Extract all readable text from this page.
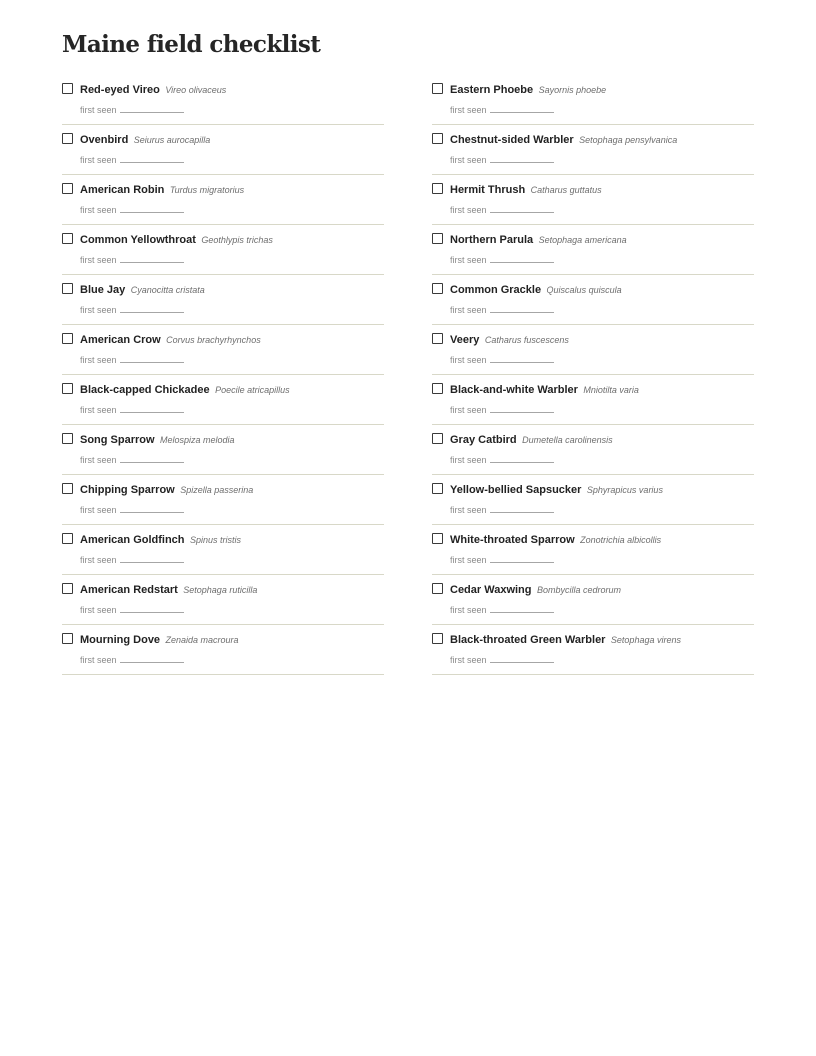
Maine field checklist
Red-eyed Vireo Vireo olivaceus
first seen
Ovenbird Seiurus aurocapilla
first seen
American Robin Turdus migratorius
first seen
Common Yellowthroat Geothlypis trichas
first seen
Blue Jay Cyanocitta cristata
first seen
American Crow Corvus brachyrhynchos
first seen
Black-capped Chickadee Poecile atricapillus
first seen
Song Sparrow Melospiza melodia
first seen
Chipping Sparrow Spizella passerina
first seen
American Goldfinch Spinus tristis
first seen
American Redstart Setophaga ruticilla
first seen
Mourning Dove Zenaida macroura
first seen
Eastern Phoebe Sayornis phoebe
first seen
Chestnut-sided Warbler Setophaga pensylvanica
first seen
Hermit Thrush Catharus guttatus
first seen
Northern Parula Setophaga americana
first seen
Common Grackle Quiscalus quiscula
first seen
Veery Catharus fuscescens
first seen
Black-and-white Warbler Mniotilta varia
first seen
Gray Catbird Dumetella carolinensis
first seen
Yellow-bellied Sapsucker Sphyrapicus varius
first seen
White-throated Sparrow Zonotrichia albicollis
first seen
Cedar Waxwing Bombycilla cedrorum
first seen
Black-throated Green Warbler Setophaga virens
first seen
